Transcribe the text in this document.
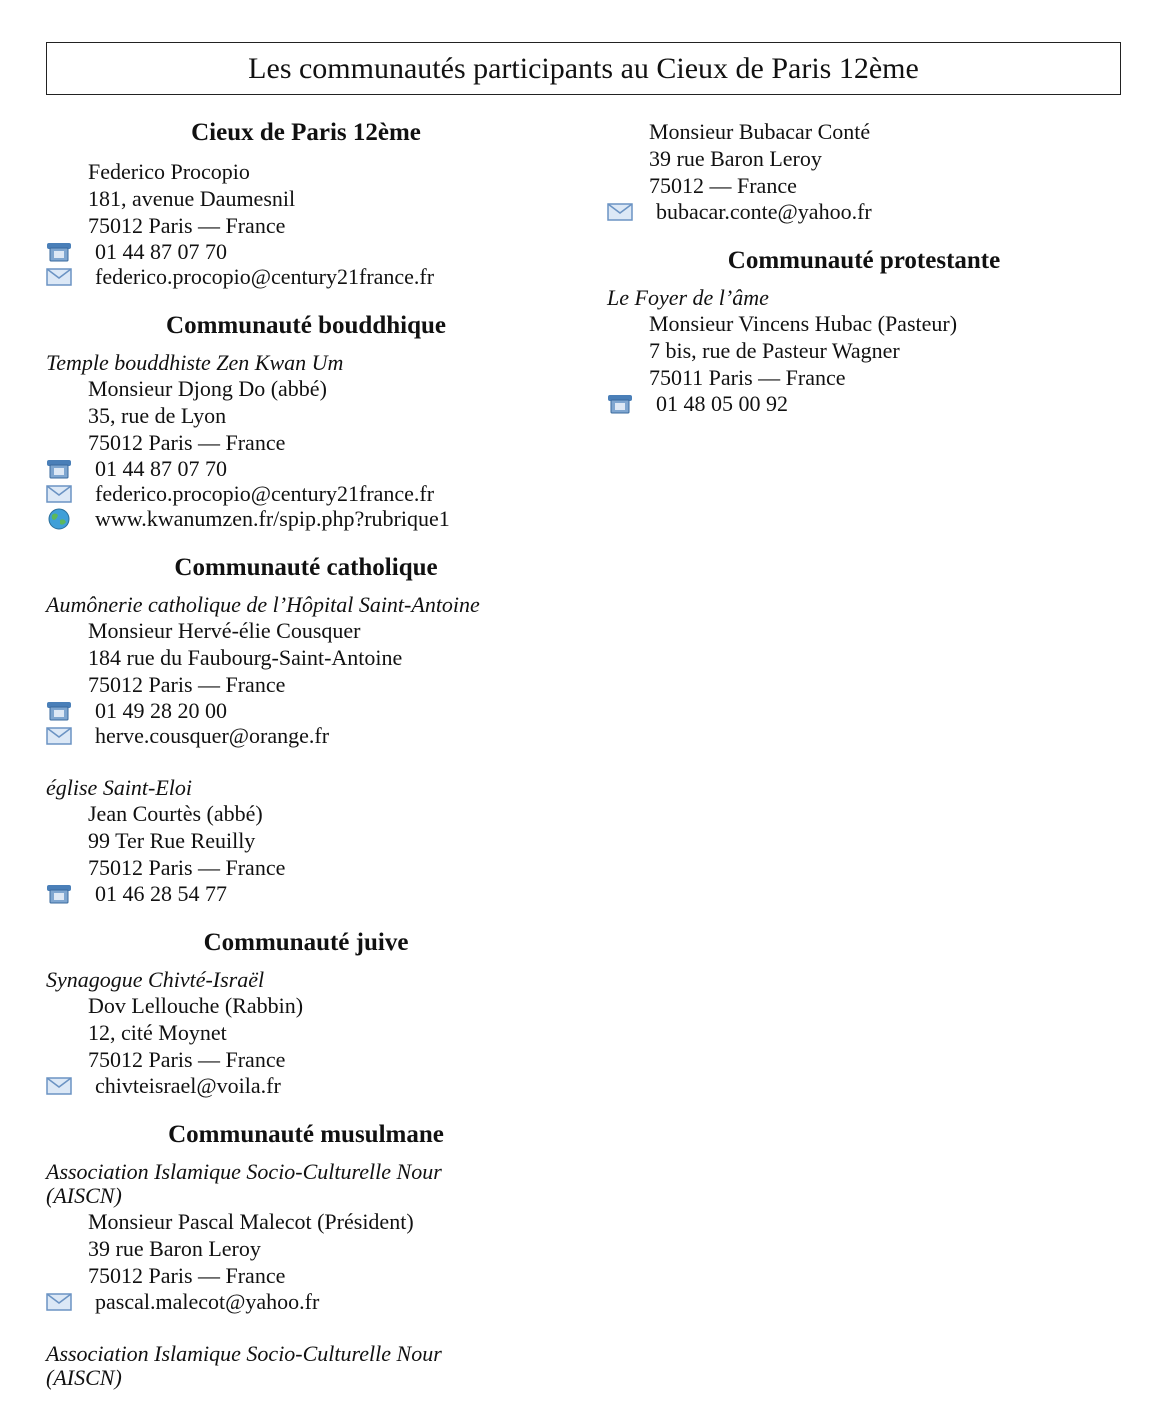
Les communautés participants au Cieux de Paris 12ème
Cieux de Paris 12ème
Federico Procopio
181, avenue Daumesnil
75012 Paris — France
01 44 87 07 70
federico.procopio@century21france.fr
Communauté bouddhique
Temple bouddhiste Zen Kwan Um
Monsieur Djong Do (abbé)
35, rue de Lyon
75012 Paris — France
01 44 87 07 70
federico.procopio@century21france.fr
www.kwanumzen.fr/spip.php?rubrique1
Communauté catholique
Aumônerie catholique de l’Hôpital Saint-Antoine
Monsieur Hervé-élie Cousquer
184 rue du Faubourg-Saint-Antoine
75012 Paris — France
01 49 28 20 00
herve.cousquer@orange.fr
église Saint-Eloi
Jean Courtès (abbé)
99 Ter Rue Reuilly
75012 Paris — France
01 46 28 54 77
Communauté juive
Synagogue Chivté-Israël
Dov Lellouche (Rabbin)
12, cité Moynet
75012 Paris — France
chivteisrael@voila.fr
Communauté musulmane
Association Islamique Socio-Culturelle Nour
(AISCN)
Monsieur Pascal Malecot (Président)
39 rue Baron Leroy
75012 Paris — France
pascal.malecot@yahoo.fr
Association Islamique Socio-Culturelle Nour
(AISCN)
Monsieur Bubacar Conté
39 rue Baron Leroy
75012 — France
bubacar.conte@yahoo.fr
Communauté protestante
Le Foyer de l’âme
Monsieur Vincens Hubac (Pasteur)
7 bis, rue de Pasteur Wagner
75011 Paris — France
01 48 05 00 92
